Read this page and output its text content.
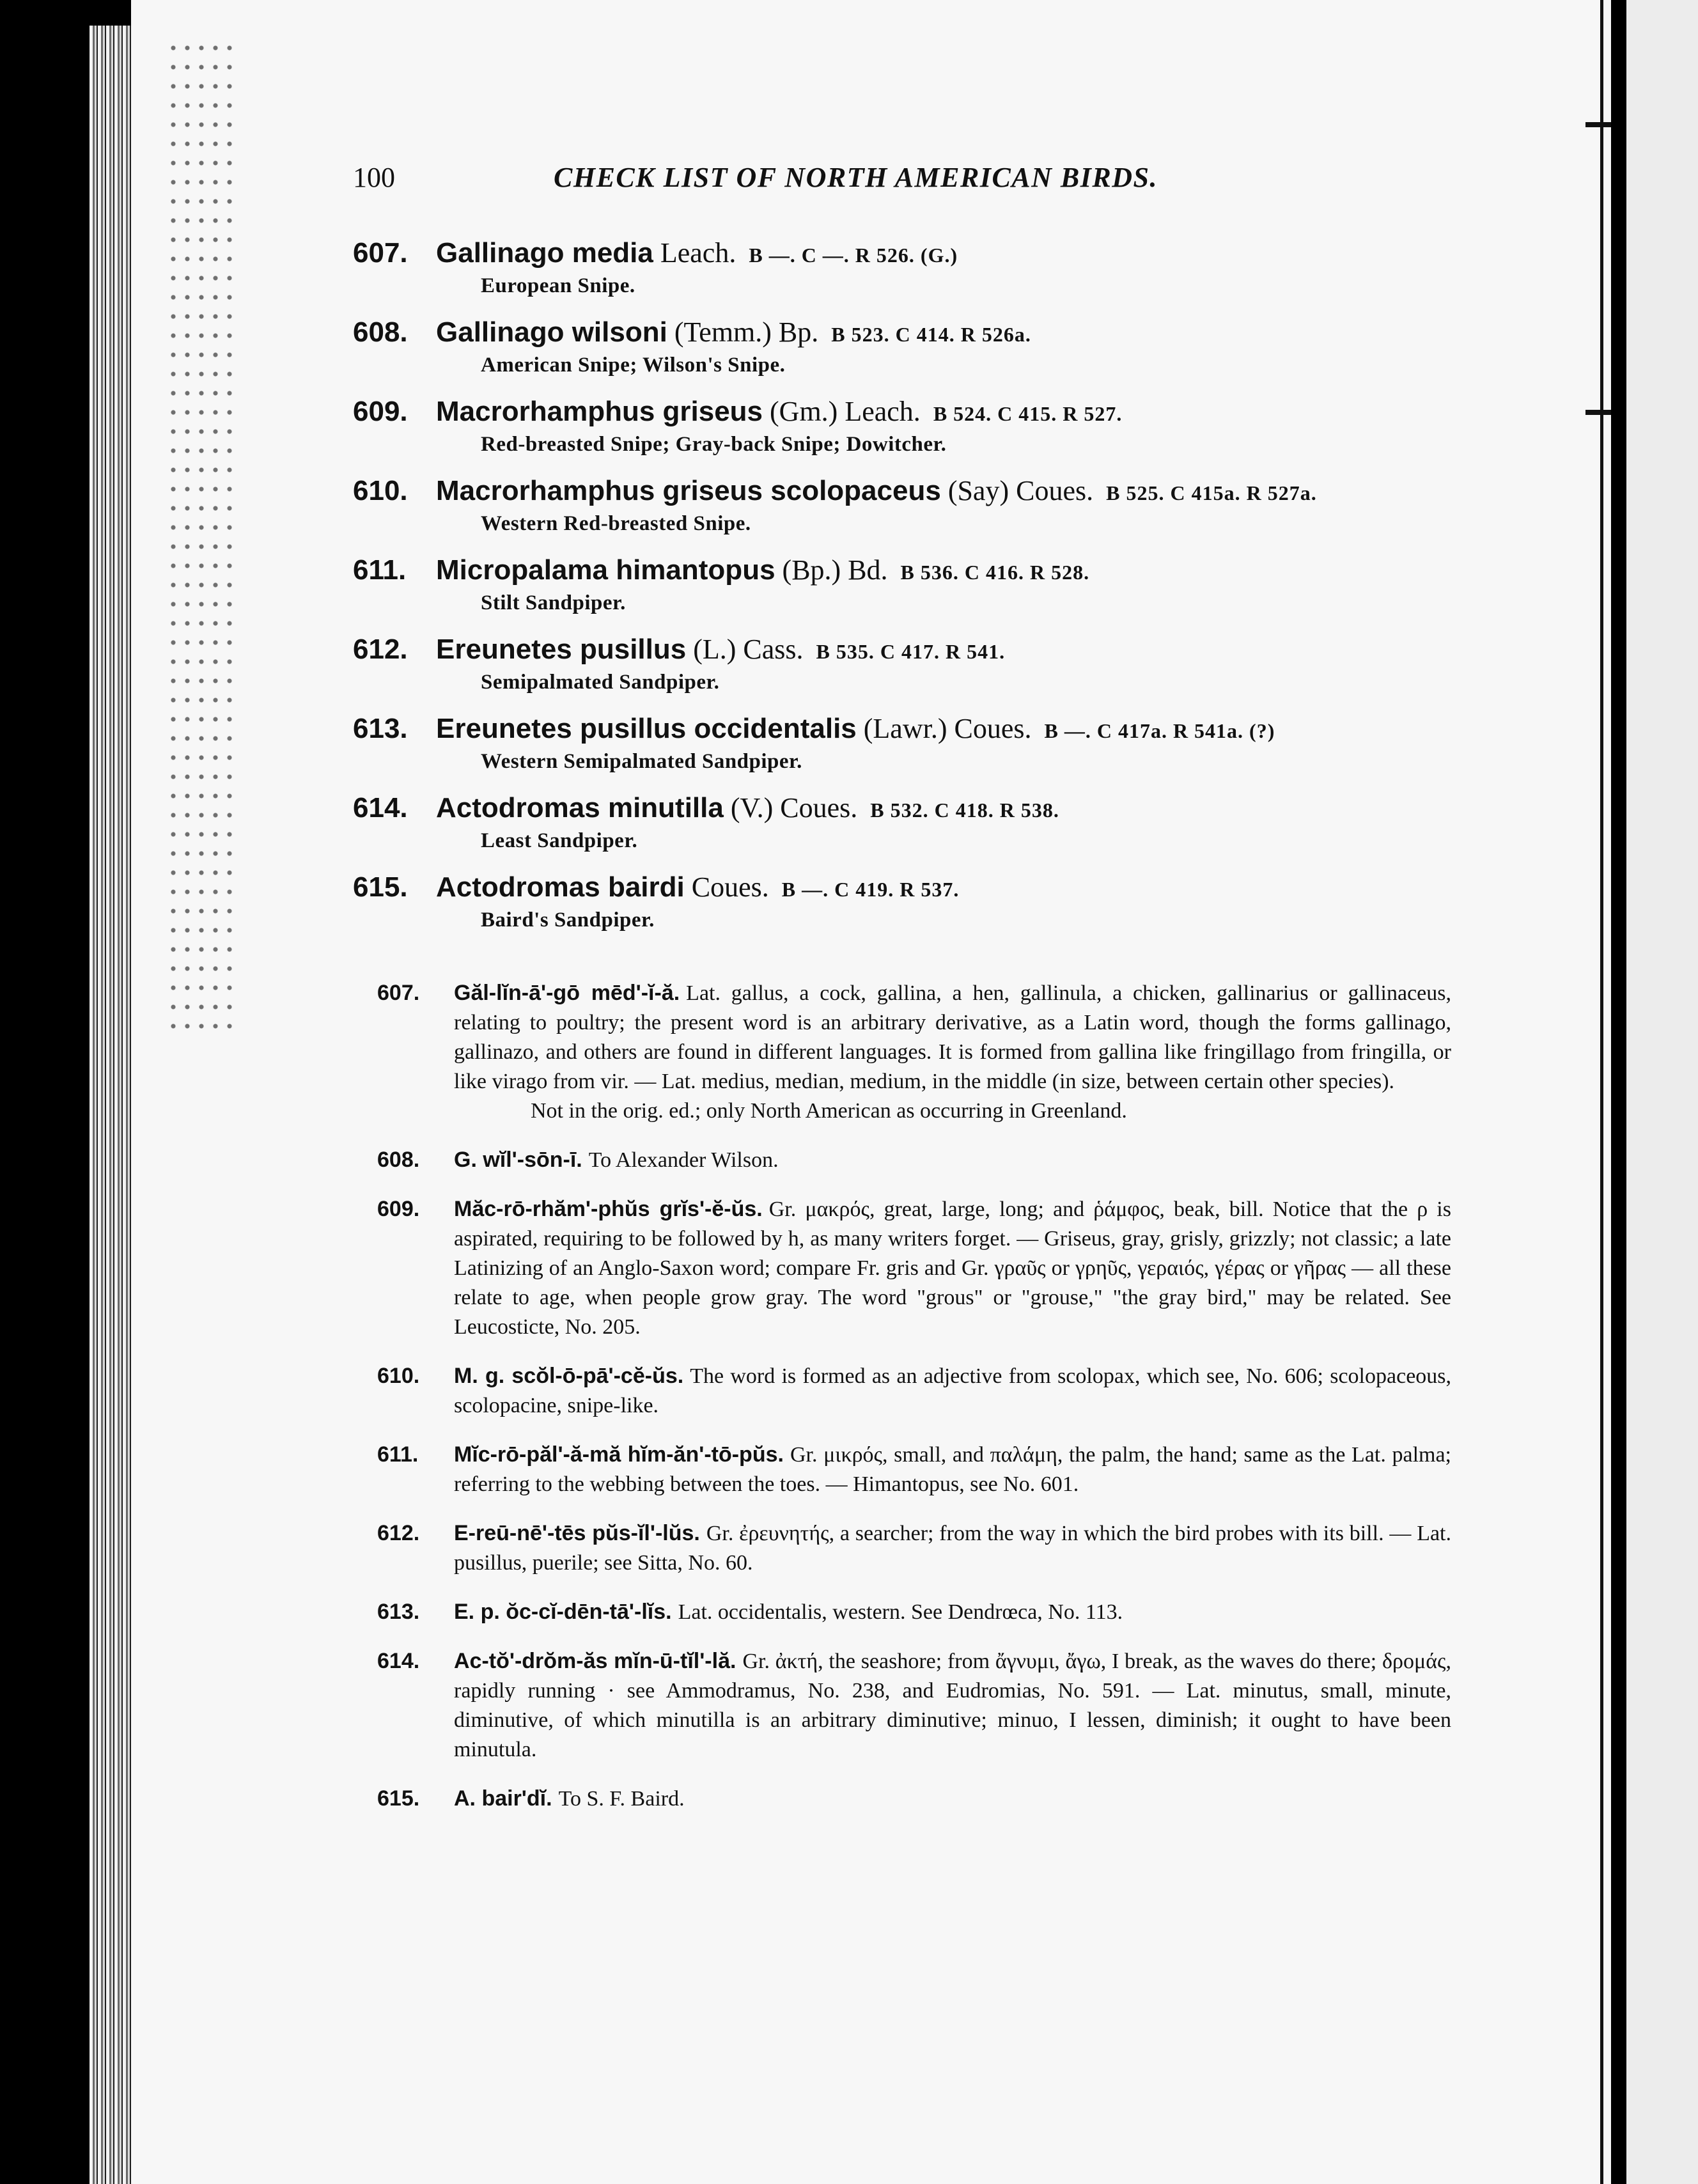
100	CHECK LIST OF NORTH AMERICAN BIRDS.
607. Gallinago media Leach. B —. C —. R 526. (G.)
European Snipe.
608. Gallinago wilsoni (Temm.) Bp. B 523. C 414. R 526a.
American Snipe; Wilson's Snipe.
609. Macrorhamphus griseus (Gm.) Leach. B 524. C 415. R 527.
Red-breasted Snipe; Gray-back Snipe; Dowitcher.
610. Macrorhamphus griseus scolopaceus (Say) Coues. B 525. C 415a. R 527a.
Western Red-breasted Snipe.
611. Micropalama himantopus (Bp.) Bd. B 536. C 416. R 528.
Stilt Sandpiper.
612. Ereunetes pusillus (L.) Cass. B 535. C 417. R 541.
Semipalmated Sandpiper.
613. Ereunetes pusillus occidentalis (Lawr.) Coues. B —. C 417a. R 541a. (?)
Western Semipalmated Sandpiper.
614. Actodromas minutilla (V.) Coues. B 532. C 418. R 538.
Least Sandpiper.
615. Actodromas bairdi Coues. B —. C 419. R 537.
Baird's Sandpiper.
607. Găl-lĭn-ā'-gō mēd'-ĭ-ă. Lat. gallus, a cock, gallina, a hen, gallinula, a chicken, gallinarius or gallinaceus, relating to poultry; the present word is an arbitrary derivative, as a Latin word, though the forms gallinago, gallinazo, and others are found in different languages. It is formed from gallina like fringillago from fringilla, or like virago from vir. — Lat. medius, median, medium, in the middle (in size, between certain other species).
Not in the orig. ed.; only North American as occurring in Greenland.
608. G. wĭl'-sōn-ī. To Alexander Wilson.
609. Măc-rō-rhăm'-phŭs grĭs'-ĕ-ŭs. Gr. μακρός, great, large, long; and ῥάμφος, beak, bill. Notice that the ρ is aspirated, requiring to be followed by h, as many writers forget. — Griseus, gray, grisly, grizzly; not classic; a late Latinizing of an Anglo-Saxon word; compare Fr. gris and Gr. γραῦς or γρηῦς, γεραιός, γέρας or γῆρας — all these relate to age, when people grow gray. The word "grous" or "grouse," "the gray bird," may be related. See Leucosticte, No. 205.
610. M. g. scŏl-ō-pā'-cĕ-ŭs. The word is formed as an adjective from scolopax, which see, No. 606; scolopaceous, scolopacine, snipe-like.
611. Mĭc-rō-păl'-ă-mă hĭm-ăn'-tō-pŭs. Gr. μικρός, small, and παλάμη, the palm, the hand; same as the Lat. palma; referring to the webbing between the toes. — Himantopus, see No. 601.
612. E-reū-nē'-tēs pŭs-ĭl'-lŭs. Gr. ἐρευνητής, a searcher; from the way in which the bird probes with its bill. — Lat. pusillus, puerile; see Sitta, No. 60.
613. E. p. ŏc-cĭ-dēn-tā'-lĭs. Lat. occidentalis, western. See Dendrœca, No. 113.
614. Ac-tŏ'-drŏm-ăs mĭn-ū-tĭl'-lă. Gr. ἀκτή, the seashore; from ἄγνυμι, ἄγω, I break, as the waves do there; δρομάς, rapidly running · see Ammodramus, No. 238, and Eudromias, No. 591. — Lat. minutus, small, minute, diminutive, of which minutilla is an arbitrary diminutive; minuo, I lessen, diminish; it ought to have been minutula.
615. A. bair'dĭ. To S. F. Baird.
